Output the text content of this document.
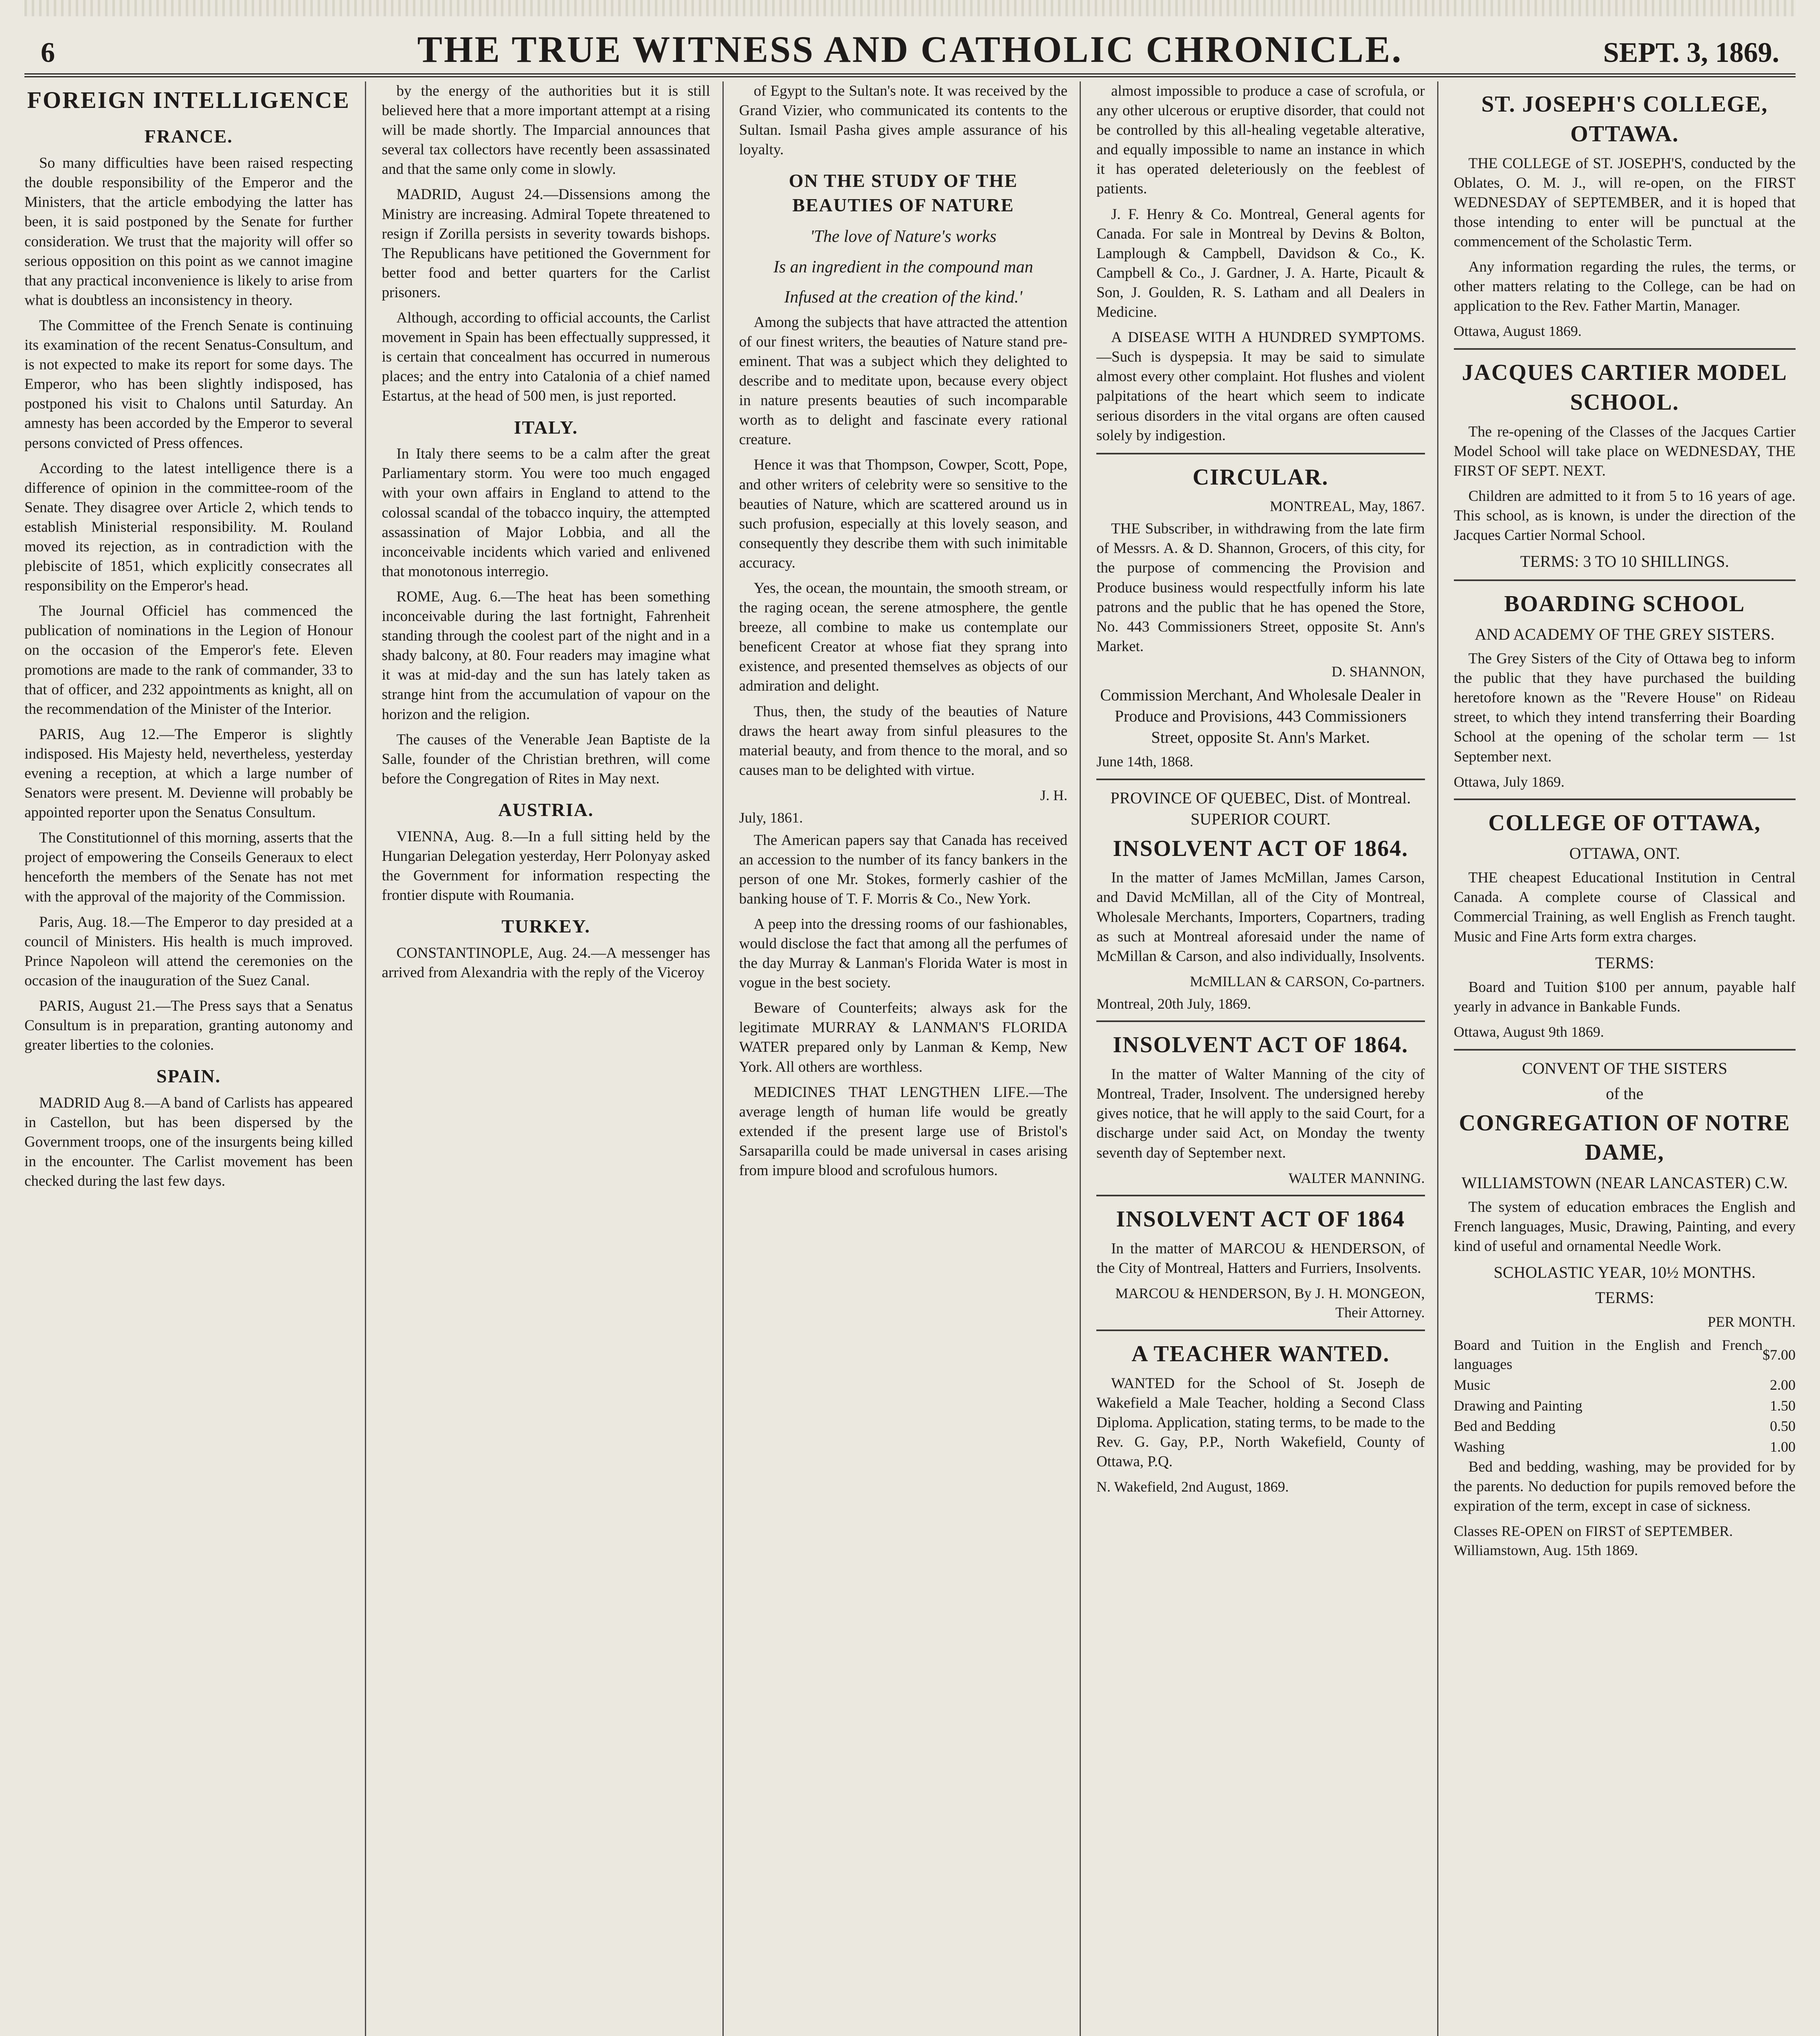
6	THE TRUE WITNESS AND CATHOLIC CHRONICLE.	SEPT. 3, 1869.
FOREIGN INTELLIGENCE
FRANCE.

So many difficulties have been raised respecting the double responsibility of the Emperor and the Ministers, that the article embodying the latter has been, it is said postponed by the Senate for further consideration. We trust that the majority will offer so serious opposition on this point as we cannot imagine that any practical inconvenience is likely to arise from what is doubtless an inconsistency in theory.

The Committee of the French Senate is continuing its examination of the recent Senatus-Consultum, and is not expected to make its report for some days. The Emperor, who has been slightly indisposed, has postponed his visit to Chalons until Saturday. An amnesty has been accorded by the Emperor to several persons convicted of Press offences.

According to the latest intelligence there is a difference of opinion in the committee-room of the Senate. They disagree over Article 2, which tends to establish Ministerial responsibility. M. Rouland moved its rejection, as in contradiction with the plebiscite of 1851, which explicitly consecrates all responsibility on the Emperor's head.

The Journal Officiel has commenced the publication of nominations in the Legion of Honour on the occasion of the Emperor's fete. Eleven promotions are made to the rank of commander, 33 to that of officer, and 232 appointments as knight, all on the recommendation of the Minister of the Interior.

PARIS, Aug 12.—The Emperor is slightly indisposed. His Majesty held, nevertheless, yesterday evening a reception, at which a large number of Senators were present. M. Devienne will probably be appointed reporter upon the Senatus Consultum.

The Constitutionnel of this morning, asserts that the project of empowering the Conseils Generaux to elect henceforth the members of the Senate has not met with the approval of the majority of the Commission.

Paris, Aug. 18.—The Emperor to day presided at a council of Ministers. His health is much improved. Prince Napoleon will attend the ceremonies on the occasion of the inauguration of the Suez Canal.

PARIS, August 21.—The Press says that a Senatus Consultum is in preparation, granting autonomy and greater liberties to the colonies.

SPAIN.

MADRID Aug 8.—A band of Carlists has appeared in Castellon, but has been dispersed by the Government troops, one of the insurgents being killed in the encounter. The Carlist movement has been checked during the last few days.

by the energy of the authorities but it is still believed here that a more important attempt at a rising will be made shortly. The Imparcial announces that several tax collectors have recently been assassinated and that the same only come in slowly.

MADRID, August 24.—Dissensions among the Ministry are increasing. Admiral Topete threatened to resign if Zorilla persists in severity towards bishops. The Republicans have petitioned the Government for better food and better quarters for the Carlist prisoners.

Although, according to official accounts, the Carlist movement in Spain has been effectually suppressed, it is certain that concealment has occurred in numerous places; and the entry into Catalonia of a chief named Estartus, at the head of 500 men, is just reported.

ITALY.

In Italy there seems to be a calm after the great Parliamentary storm. You were too much engaged with your own affairs in England to attend to the colossal scandal of the tobacco inquiry, the attempted assassination of Major Lobbia, and all the inconceivable incidents which varied and enlivened that monotonous interregio.

ROME, Aug. 6.—The heat has been something inconceivable during the last fortnight, Fahrenheit standing through the coolest part of the night and in a shady balcony, at 80. Four readers may imagine what it was at mid-day and the sun has lately taken as strange hint from the accumulation of vapour on the horizon and the religion.

The causes of the Venerable Jean Baptiste de la Salle, founder of the Christian brethren, will come before the Congregation of Rites in May next.

AUSTRIA.

VIENNA, Aug. 8.—In a full sitting held by the Hungarian Delegation yesterday, Herr Polonyay asked the Government for information respecting the frontier dispute with Roumania.

TURKEY.

CONSTANTINOPLE, Aug. 24.—A messenger has arrived from Alexandria with the reply of the Viceroy

of Egypt to the Sultan's note. It was received by the Grand Vizier, who communicated its contents to the Sultan. Ismail Pasha gives ample assurance of his loyalty.

ON THE STUDY OF THE BEAUTIES OF NATURE
'The love of Nature's works
Is an ingredient in the compound man
Infused at the creation of the kind.'

Among the subjects that have attracted the attention of our finest writers, the beauties of Nature stand pre-eminent. That was a subject which they delighted to describe and to meditate upon, because every object in nature presents beauties of such incomparable worth as to delight and fascinate every rational creature.

Hence it was that Thompson, Cowper, Scott, Pope, and other writers of celebrity were so sensitive to the beauties of Nature, which are scattered around us in such profusion, especially at this lovely season, and consequently they describe them with such inimitable accuracy.

Yes, the ocean, the mountain, the smooth stream, or the raging ocean, the serene atmosphere, the gentle breeze, all combine to make us contemplate our beneficent Creator at whose fiat they sprang into existence, and presented themselves as objects of our admiration and delight.

Thus, then, the study of the beauties of Nature draws the heart away from sinful pleasures to the material beauty, and from thence to the moral, and so causes man to be delighted with virtue.

J. H.
July, 1861.

The American papers say that Canada has received an accession to the number of its fancy bankers in the person of one Mr. Stokes, formerly cashier of the banking house of T. F. Morris & Co., New York.

A peep into the dressing rooms of our fashionables, would disclose the fact that among all the perfumes of the day Murray & Lanman's Florida Water is most in vogue in the best society.

Beware of Counterfeits; always ask for the legitimate MURRAY & LANMAN'S FLORIDA WATER prepared only by Lanman & Kemp, New York. All others are worthless.

MEDICINES THAT LENGTHEN LIFE.—The average length of human life would be greatly extended if the present large use of Bristol's Sarsaparilla could be made universal in cases arising from impure blood and scrofulous humors.

almost impossible to produce a case of scrofula, or any other ulcerous or eruptive disorder, that could not be controlled by this all-healing vegetable alterative, and equally impossible to name an instance in which it has operated deleteriously on the feeblest of patients.

J. F. Henry & Co. Montreal, General agents for Canada. For sale in Montreal by Devins & Bolton, Lamplough & Campbell, Davidson & Co., K. Campbell & Co., J. Gardner, J. A. Harte, Picault & Son, J. Goulden, R. S. Latham and all Dealers in Medicine.

A DISEASE WITH A HUNDRED SYMPTOMS.—Such is dyspepsia. It may be said to simulate almost every other complaint. Hot flushes and violent palpitations of the heart which seem to indicate serious disorders in the vital organs are often caused solely by indigestion.

CIRCULAR.
MONTREAL, May, 1867.

THE Subscriber, in withdrawing from the late firm of Messrs. A. & D. Shannon, Grocers, of this city, for the purpose of commencing the Provision and Produce business would respectfully inform his late patrons and the public that he has opened the Store, No. 443 Commissioners Street, opposite St. Ann's Market.

D. SHANNON,
Commission Merchant, And Wholesale Dealer in Produce and Provisions, 443 Commissioners Street, opposite St. Ann's Market.
June 14th, 1868.
PROVINCE OF QUEBEC, Dist. of Montreal. SUPERIOR COURT.
INSOLVENT ACT OF 1864.

In the matter of James McMillan, James Carson, and David McMillan, all of the City of Montreal, Wholesale Merchants, Importers, Copartners, trading as such at Montreal aforesaid under the name of McMillan & Carson, and also individually, Insolvents.

McMILLAN & CARSON, Co-partners.
Montreal, 20th July, 1869.
INSOLVENT ACT OF 1864.

In the matter of Walter Manning of the city of Montreal, Trader, Insolvent. The undersigned hereby gives notice, that he will apply to the said Court, for a discharge under said Act, on Monday the twenty seventh day of September next.

WALTER MANNING.
INSOLVENT ACT OF 1864

In the matter of MARCOU & HENDERSON, of the City of Montreal, Hatters and Furriers, Insolvents.

MARCOU & HENDERSON, By J. H. MONGEON, Their Attorney.
A TEACHER WANTED.

WANTED for the School of St. Joseph de Wakefield a Male Teacher, holding a Second Class Diploma. Application, stating terms, to be made to the Rev. G. Gay, P.P., North Wakefield, County of Ottawa, P.Q.

N. Wakefield, 2nd August, 1869.
ST. JOSEPH'S COLLEGE, OTTAWA.

THE COLLEGE of ST. JOSEPH'S, conducted by the Oblates, O. M. J., will re-open, on the FIRST WEDNESDAY of SEPTEMBER, and it is hoped that those intending to enter will be punctual at the commencement of the Scholastic Term.

Any information regarding the rules, the terms, or other matters relating to the College, can be had on application to the Rev. Father Martin, Manager.

Ottawa, August 1869.
JACQUES CARTIER MODEL SCHOOL.

The re-opening of the Classes of the Jacques Cartier Model School will take place on WEDNESDAY, THE FIRST OF SEPT. NEXT.

Children are admitted to it from 5 to 16 years of age. This school, as is known, is under the direction of the Jacques Cartier Normal School.

TERMS: 3 TO 10 SHILLINGS.
BOARDING SCHOOL
AND ACADEMY OF THE GREY SISTERS.

The Grey Sisters of the City of Ottawa beg to inform the public that they have purchased the building heretofore known as the "Revere House" on Rideau street, to which they intend transferring their Boarding School at the opening of the scholar term — 1st September next.

Ottawa, July 1869.
COLLEGE OF OTTAWA,
OTTAWA, ONT.

THE cheapest Educational Institution in Central Canada. A complete course of Classical and Commercial Training, as well English as French taught. Music and Fine Arts form extra charges.

TERMS:

Board and Tuition $100 per annum, payable half yearly in advance in Bankable Funds.

Ottawa, August 9th 1869.
CONVENT OF THE SISTERS
of the
CONGREGATION OF NOTRE DAME,
WILLIAMSTOWN (NEAR LANCASTER) C.W.

The system of education embraces the English and French languages, Music, Drawing, Painting, and every kind of useful and ornamental Needle Work.

SCHOLASTIC YEAR, 10½ MONTHS.
TERMS:
PER MONTH.
Board and Tuition in the English and French languages	$7.00
Music	2.00
Drawing and Painting	1.50
Bed and Bedding	0.50
Washing	1.00

Bed and bedding, washing, may be provided for by the parents. No deduction for pupils removed before the expiration of the term, except in case of sickness.

Classes RE-OPEN on FIRST of SEPTEMBER. Williamstown, Aug. 15th 1869.
